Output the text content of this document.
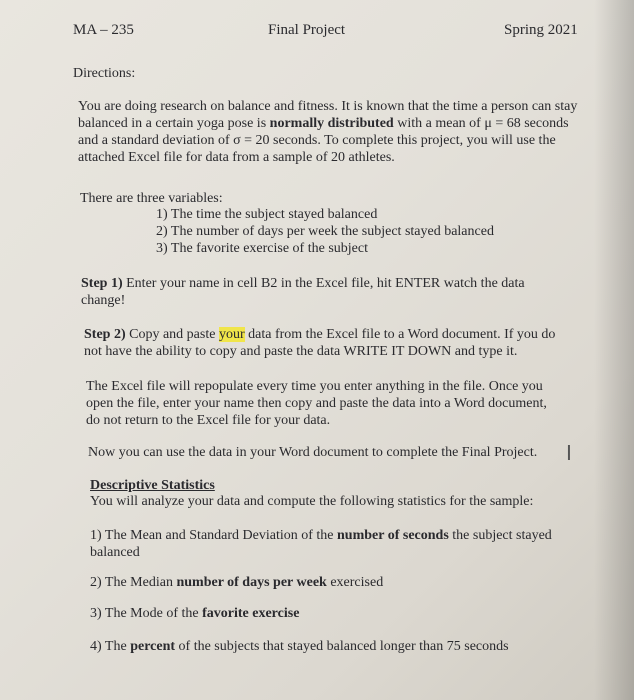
MA – 235	Final Project	Spring 2021
Directions:
You are doing research on balance and fitness. It is known that the time a person can stay balanced in a certain yoga pose is normally distributed with a mean of μ = 68 seconds and a standard deviation of σ = 20 seconds. To complete this project, you will use the attached Excel file for data from a sample of 20 athletes.
There are three variables:
1) The time the subject stayed balanced
2) The number of days per week the subject stayed balanced
3) The favorite exercise of the subject
Step 1) Enter your name in cell B2 in the Excel file, hit ENTER watch the data change!
Step 2) Copy and paste your data from the Excel file to a Word document. If you do not have the ability to copy and paste the data WRITE IT DOWN and type it.
The Excel file will repopulate every time you enter anything in the file. Once you open the file, enter your name then copy and paste the data into a Word document, do not return to the Excel file for your data.
Now you can use the data in your Word document to complete the Final Project.	I
Descriptive Statistics
You will analyze your data and compute the following statistics for the sample:
1) The Mean and Standard Deviation of the number of seconds the subject stayed balanced
2) The Median number of days per week exercised
3) The Mode of the favorite exercise
4) The percent of the subjects that stayed balanced longer than 75 seconds
